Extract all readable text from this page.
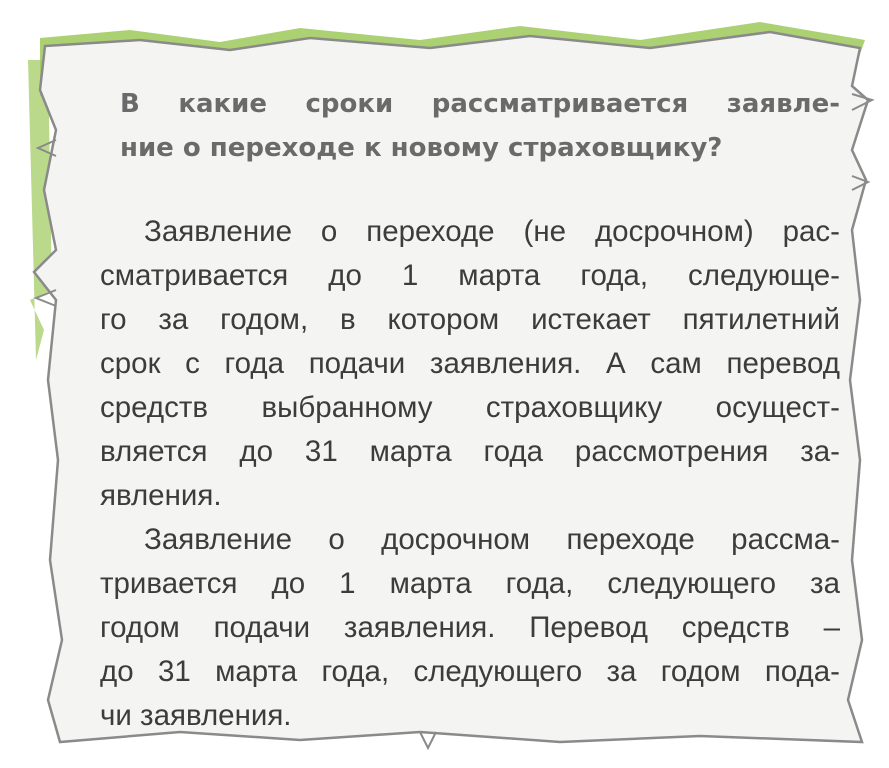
В какие сроки рассматривается заявле-
ние о переходе к новому страховщику?

Заявление о переходе (не досрочном) рас-
сматривается до 1 марта года, следующе-
го за годом, в котором истекает пятилетний
срок с года подачи заявления. А сам перевод
средств выбранному страховщику осущест-
вляется до 31 марта года рассмотрения за-
явления.

Заявление о досрочном переходе рассма-
тривается до 1 марта года, следующего за
годом подачи заявления. Перевод средств –
до 31 марта года, следующего за годом пода-
чи заявления.
